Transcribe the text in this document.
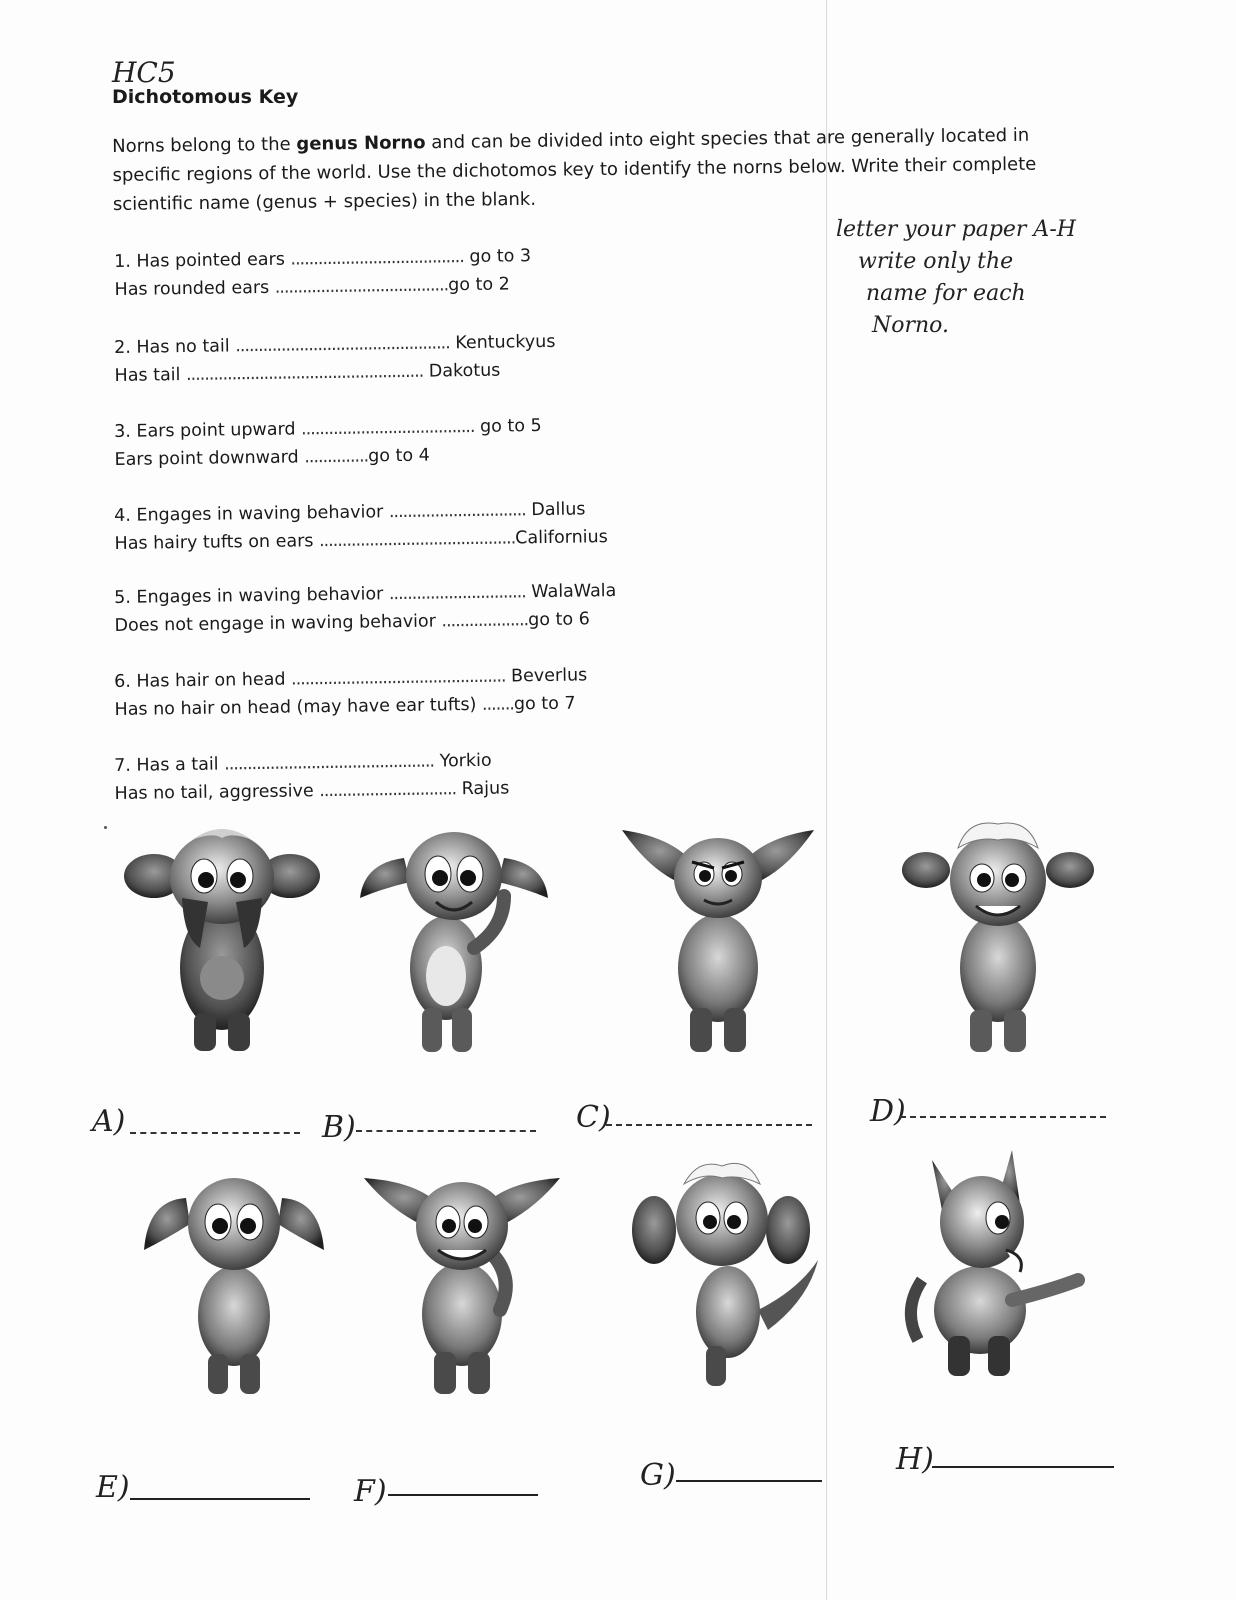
HC5
Dichotomous Key
Norns belong to the genus Norno and can be divided into eight species that are generally located in specific regions of the world. Use the dichotomos key to identify the norns below. Write their complete scientific name (genus + species) in the blank.
letter your paper A-H
write only the
name for each
Norno.
1. Has pointed ears ...................................... go to 3
Has rounded ears ......................................go to 2
2. Has no tail ............................................... Kentuckyus
Has tail .................................................... Dakotus
3. Ears point upward ...................................... go to 5
Ears point downward ..............go to 4
4. Engages in waving behavior .............................. Dallus
Has hairy tufts on ears ...........................................Californius
5. Engages in waving behavior .............................. WalaWala
Does not engage in waving behavior ...................go to 6
6. Has hair on head ............................................... Beverlus
Has no hair on head (may have ear tufts) .......go to 7
7. Has a tail .............................................. Yorkio
Has no tail, aggressive .............................. Rajus
A)	B)	C)	D)
E)	F)	G)	H)
